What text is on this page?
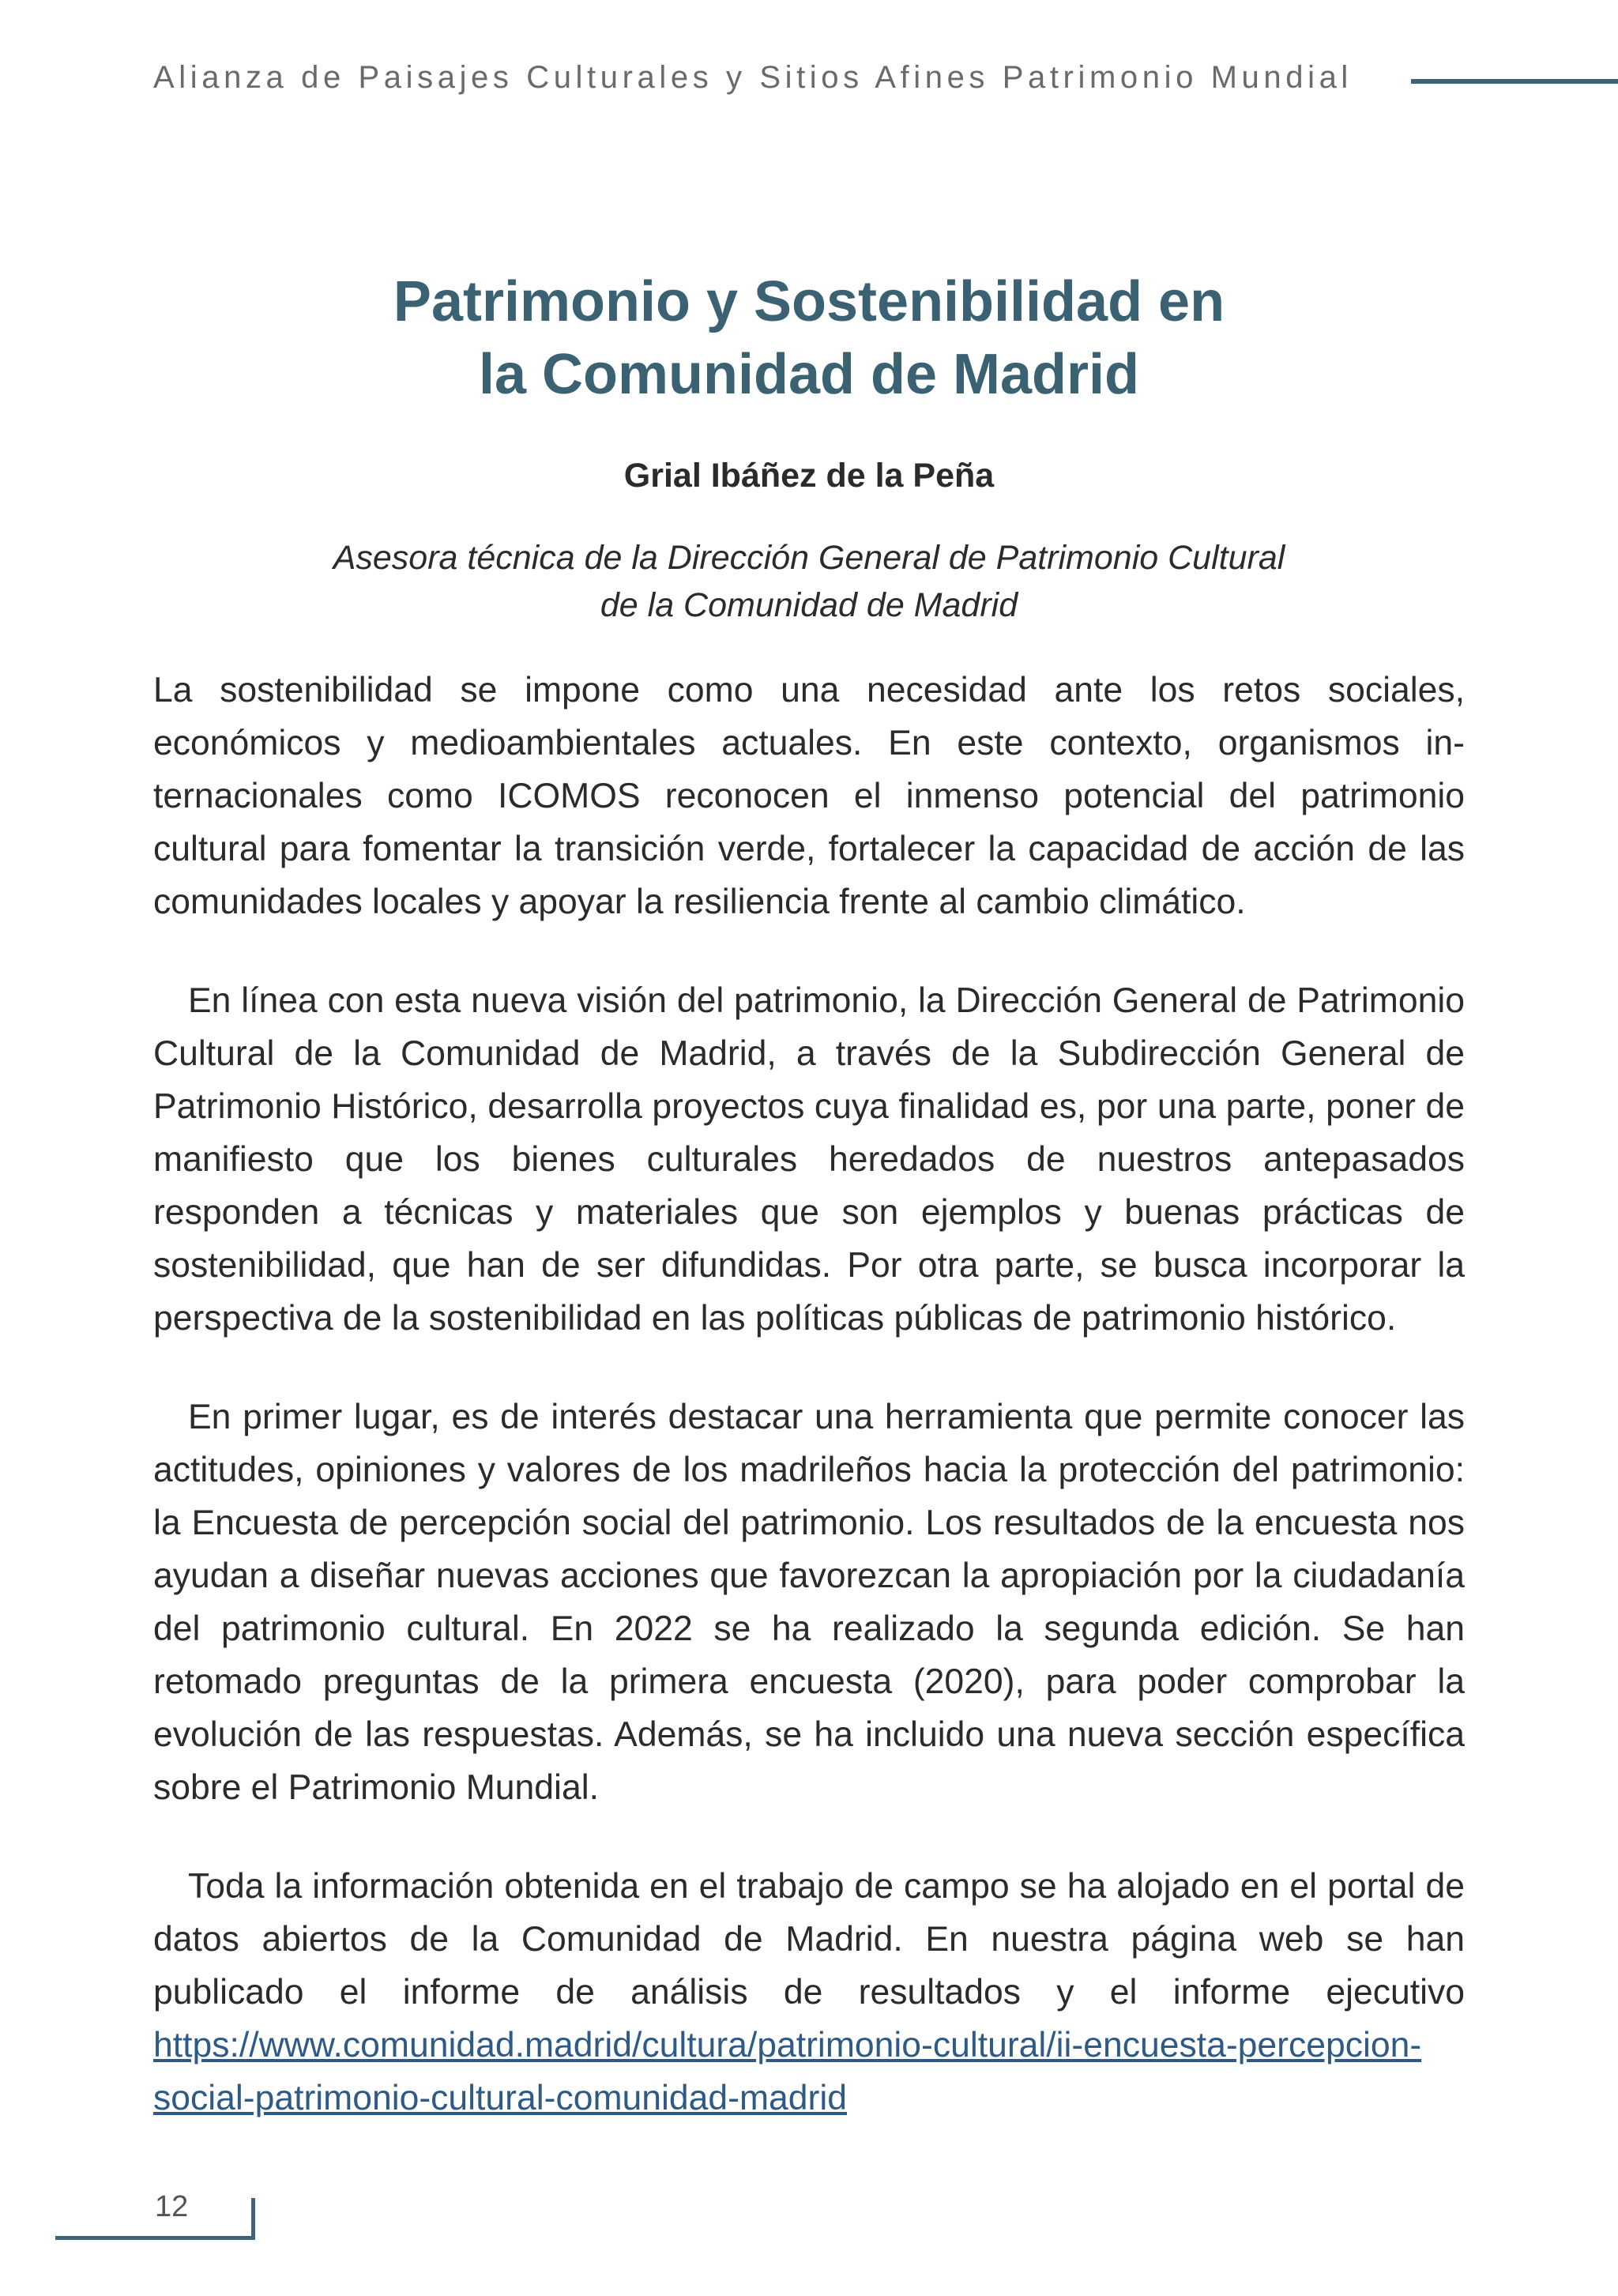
Alianza de Paisajes Culturales y Sitios Afines Patrimonio Mundial
Patrimonio y Sostenibilidad en
la Comunidad de Madrid

Grial Ibáñez de la Peña

Asesora técnica de la Dirección General de Patrimonio Cultural
de la Comunidad de Madrid

La sostenibilidad se impone como una necesidad ante los retos sociales, económicos y medioambientales actuales. En este contexto, organismos internacionales como ICOMOS reconocen el inmenso potencial del patrimonio cultural para fomentar la transición verde, fortalecer la capacidad de acción de las comunidades locales y apoyar la resiliencia frente al cambio climático.

En línea con esta nueva visión del patrimonio, la Dirección General de Patrimonio Cultural de la Comunidad de Madrid, a través de la Subdirección General de Patrimonio Histórico, desarrolla proyectos cuya finalidad es, por una parte, poner de manifiesto que los bienes culturales heredados de nuestros antepasados responden a técnicas y materiales que son ejemplos y buenas prácticas de sostenibilidad, que han de ser difundidas. Por otra parte, se busca incorporar la perspectiva de la sostenibilidad en las políticas públicas de patrimonio histórico.

En primer lugar, es de interés destacar una herramienta que permite conocer las actitudes, opiniones y valores de los madrileños hacia la protección del patrimonio: la Encuesta de percepción social del patrimonio. Los resultados de la encuesta nos ayudan a diseñar nuevas acciones que favorezcan la apropiación por la ciudadanía del patrimonio cultural. En 2022 se ha realizado la segunda edición. Se han retomado preguntas de la primera encuesta (2020), para poder comprobar la evolución de las respuestas. Además, se ha incluido una nueva sección específica sobre el Patrimonio Mundial.

Toda la información obtenida en el trabajo de campo se ha alojado en el portal de datos abiertos de la Comunidad de Madrid. En nuestra página web se han publicado el informe de análisis de resultados y el informe ejecutivo https://www.comunidad.madrid/cultura/patrimonio-cultural/ii-encuesta-percepcion-social-patrimonio-cultural-comunidad-madrid

12
